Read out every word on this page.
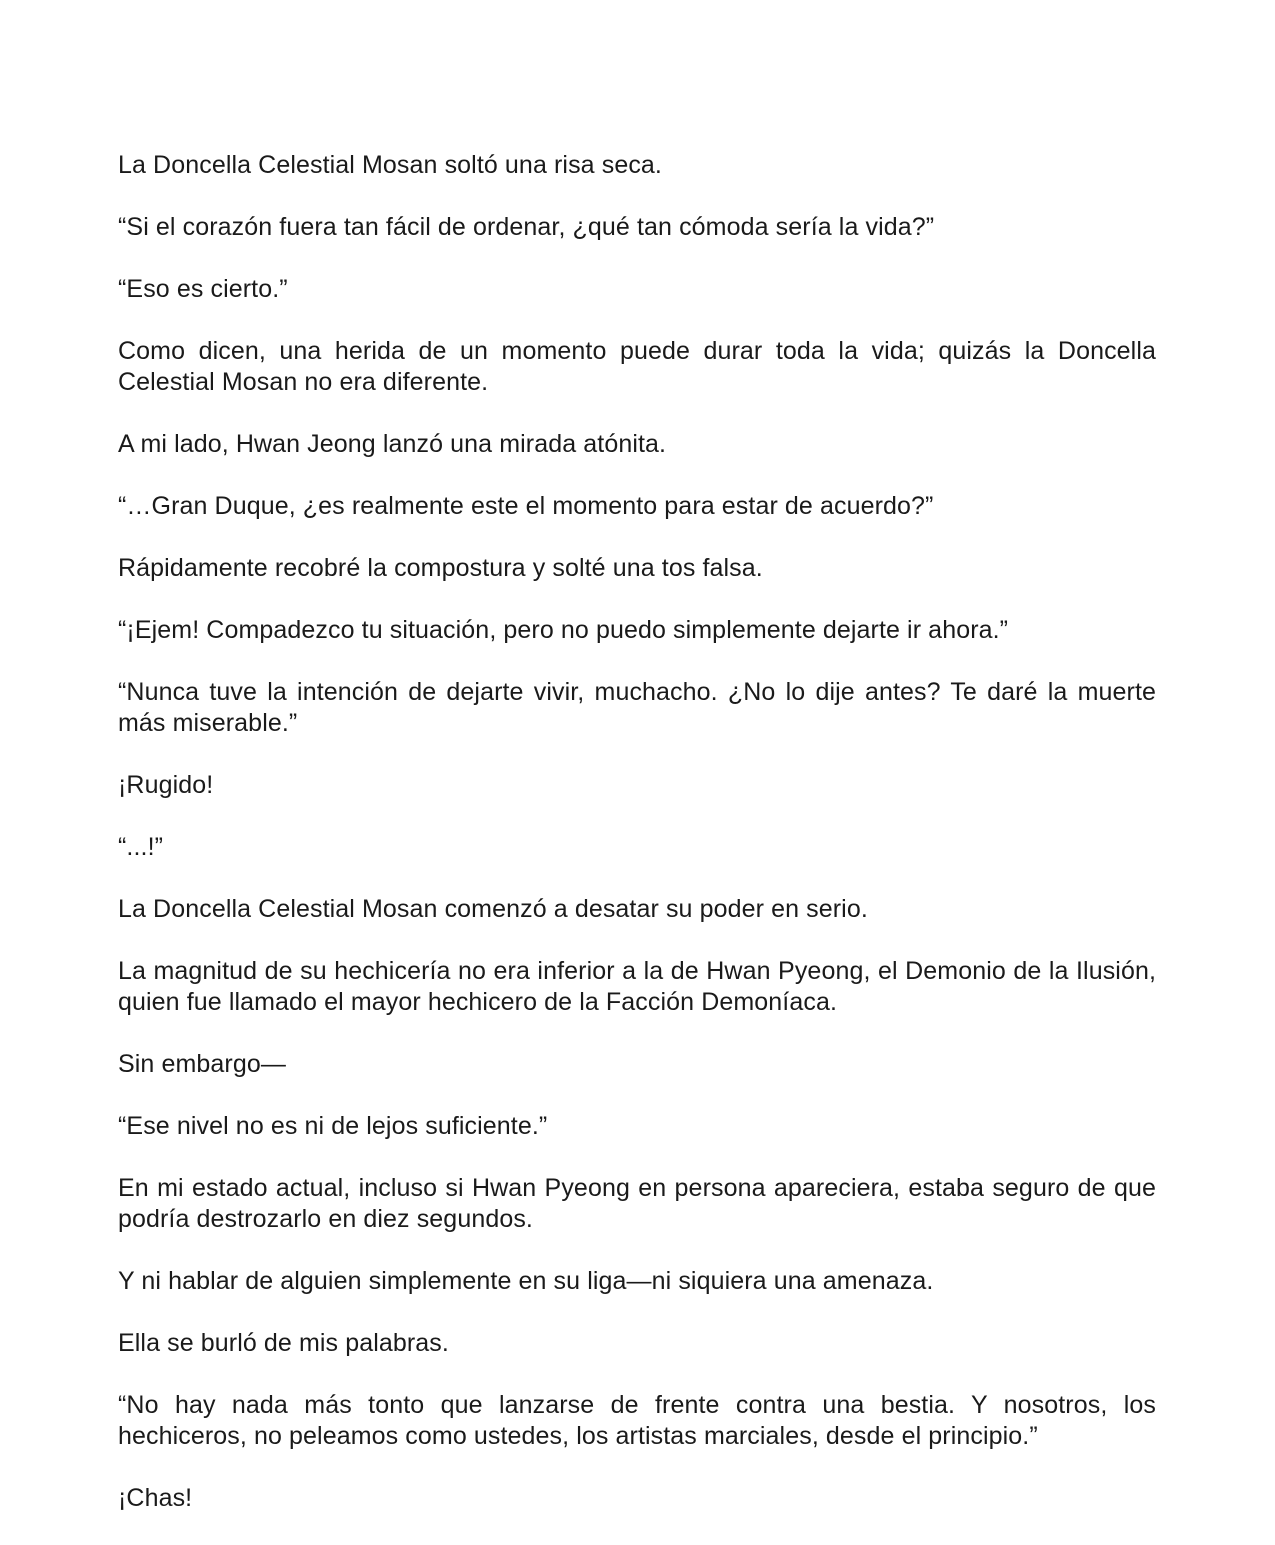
La Doncella Celestial Mosan soltó una risa seca.

“Si el corazón fuera tan fácil de ordenar, ¿qué tan cómoda sería la vida?”

“Eso es cierto.”

Como dicen, una herida de un momento puede durar toda la vida; quizás la Doncella Celestial Mosan no era diferente.

A mi lado, Hwan Jeong lanzó una mirada atónita.

“…Gran Duque, ¿es realmente este el momento para estar de acuerdo?”

Rápidamente recobré la compostura y solté una tos falsa.

“¡Ejem! Compadezco tu situación, pero no puedo simplemente dejarte ir ahora.”

“Nunca tuve la intención de dejarte vivir, muchacho. ¿No lo dije antes? Te daré la muerte más miserable.”

¡Rugido!

“...!”

La Doncella Celestial Mosan comenzó a desatar su poder en serio.

La magnitud de su hechicería no era inferior a la de Hwan Pyeong, el Demonio de la Ilusión, quien fue llamado el mayor hechicero de la Facción Demoníaca.

Sin embargo—

“Ese nivel no es ni de lejos suficiente.”

En mi estado actual, incluso si Hwan Pyeong en persona apareciera, estaba seguro de que podría destrozarlo en diez segundos.

Y ni hablar de alguien simplemente en su liga—ni siquiera una amenaza.

Ella se burló de mis palabras.

“No hay nada más tonto que lanzarse de frente contra una bestia. Y nosotros, los hechiceros, no peleamos como ustedes, los artistas marciales, desde el principio.”

¡Chas!
